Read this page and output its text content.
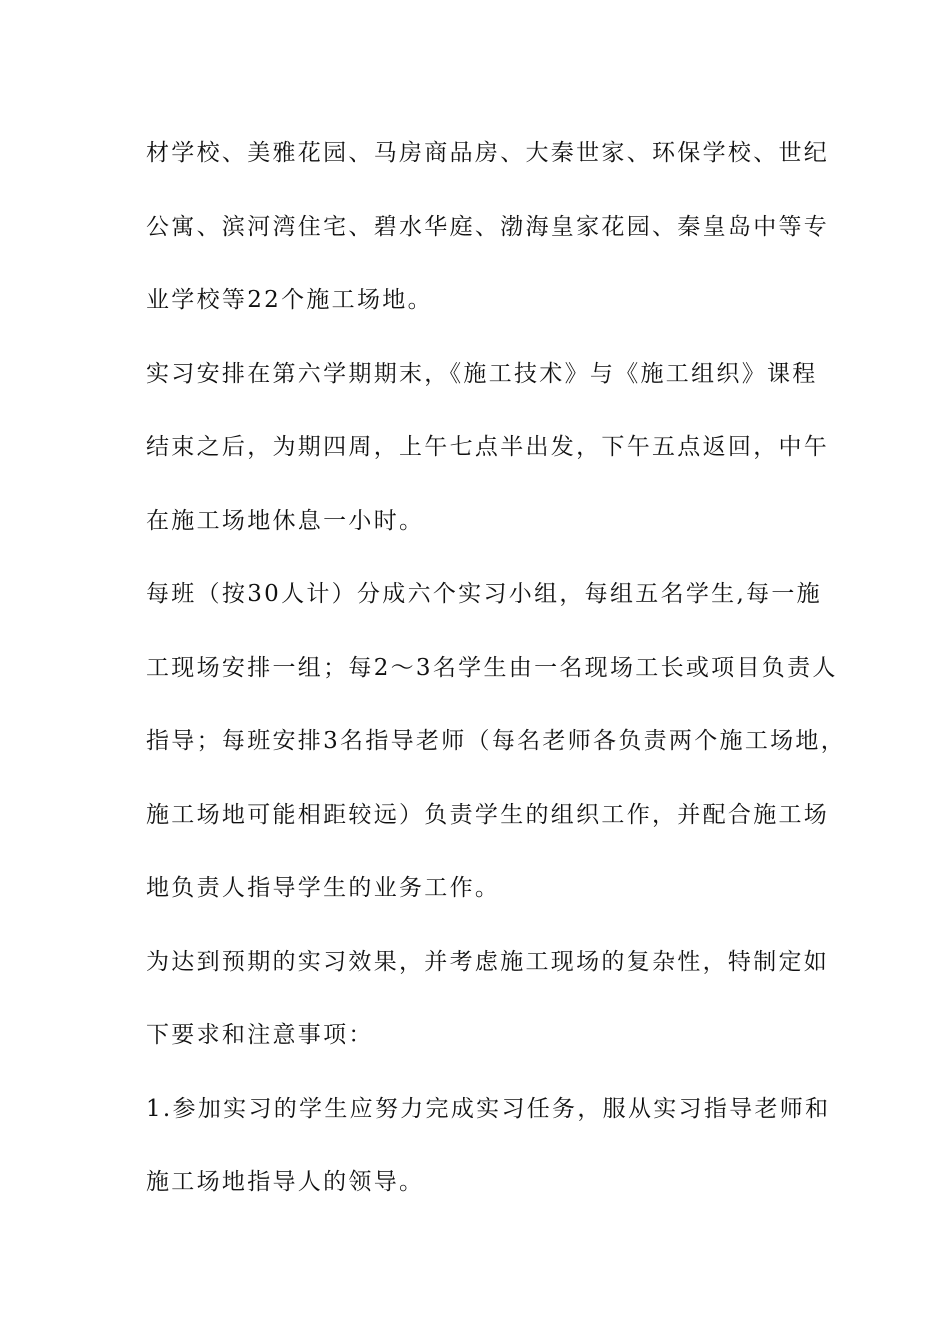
材学校、美雅花园、马房商品房、大秦世家、环保学校、世纪
公寓、滨河湾住宅、碧水华庭、渤海皇家花园、秦皇岛中等专
业学校等22个施工场地。
实习安排在第六学期期末，《施工技术》与《施工组织》课程
结束之后，为期四周，上午七点半出发，下午五点返回，中午
在施工场地休息一小时。
每班（按30人计）分成六个实习小组，每组五名学生,每一施
工现场安排一组；每2～3名学生由一名现场工长或项目负责人
指导；每班安排3名指导老师（每名老师各负责两个施工场地，
施工场地可能相距较远）负责学生的组织工作，并配合施工场
地负责人指导学生的业务工作。
为达到预期的实习效果，并考虑施工现场的复杂性，特制定如
下要求和注意事项：
1.参加实习的学生应努力完成实习任务，服从实习指导老师和
施工场地指导人的领导。
